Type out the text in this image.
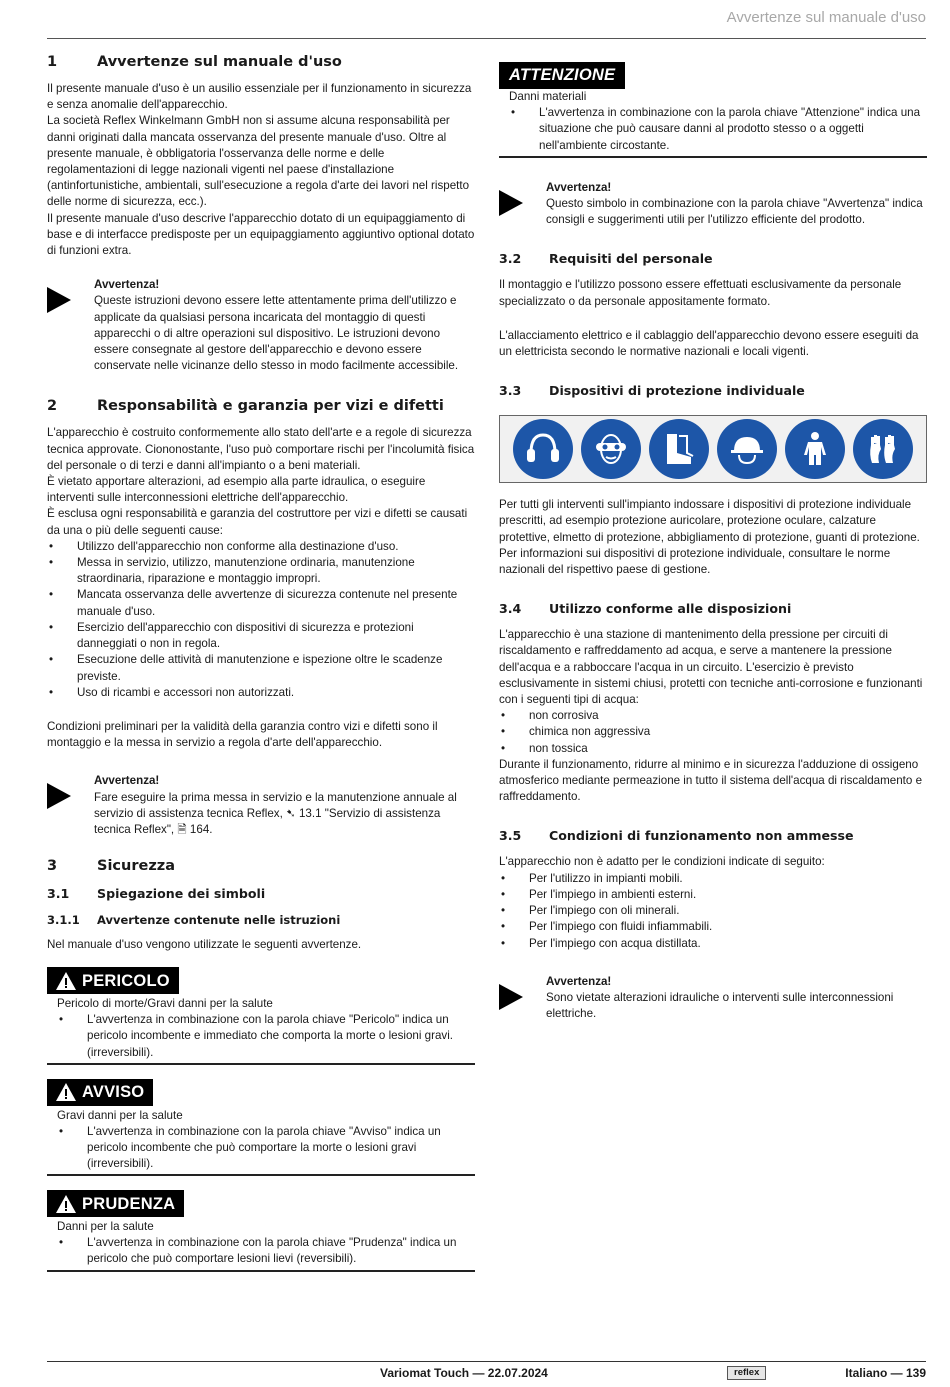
Avvertenze sul manuale d'uso
1	Avvertenze sul manuale d'uso

Il presente manuale d'uso è un ausilio essenziale per il funzionamento in sicurezza e senza anomalie dell'apparecchio.

La società Reflex Winkelmann GmbH non si assume alcuna responsabilità per danni originati dalla mancata osservanza del presente manuale d'uso. Oltre al presente manuale, è obbligatoria l'osservanza delle norme e delle regolamentazioni di legge nazionali vigenti nel paese d'installazione (antinfortunistiche, ambientali, sull'esecuzione a regola d'arte dei lavori nel rispetto delle norme di sicurezza, ecc.).

Il presente manuale d'uso descrive l'apparecchio dotato di un equipaggiamento di base e di interfacce predisposte per un equipaggiamento aggiuntivo optional dotato di funzioni extra.

Avvertenza!
Queste istruzioni devono essere lette attentamente prima dell'utilizzo e applicate da qualsiasi persona incaricata del montaggio di questi apparecchi o di altre operazioni sul dispositivo. Le istruzioni devono essere consegnate al gestore dell'apparecchio e devono essere conservate nelle vicinanze dello stesso in modo facilmente accessibile.
2	Responsabilità e garanzia per vizi e difetti

L'apparecchio è costruito conformemente allo stato dell'arte e a regole di sicurezza tecnica approvate. Ciononostante, l'uso può comportare rischi per l'incolumità fisica del personale o di terzi e danni all'impianto o a beni materiali.

È vietato apportare alterazioni, ad esempio alla parte idraulica, o eseguire interventi sulle interconnessioni elettriche dell'apparecchio.

È esclusa ogni responsabilità e garanzia del costruttore per vizi e difetti se causati da una o più delle seguenti cause:

• Utilizzo dell'apparecchio non conforme alla destinazione d'uso.
• Messa in servizio, utilizzo, manutenzione ordinaria, manutenzione straordinaria, riparazione e montaggio impropri.
• Mancata osservanza delle avvertenze di sicurezza contenute nel presente manuale d'uso.
• Esercizio dell'apparecchio con dispositivi di sicurezza e protezioni danneggiati o non in regola.
• Esecuzione delle attività di manutenzione e ispezione oltre le scadenze previste.
• Uso di ricambi e accessori non autorizzati.

Condizioni preliminari per la validità della garanzia contro vizi e difetti sono il montaggio e la messa in servizio a regola d'arte dell'apparecchio.

Avvertenza!
Fare eseguire la prima messa in servizio e la manutenzione annuale al servizio di assistenza tecnica Reflex, ➷ 13.1 "Servizio di assistenza tecnica Reflex", 🗎 164.
3	Sicurezza
3.1	Spiegazione dei simboli
3.1.1	Avvertenze contenute nelle istruzioni

Nel manuale d'uso vengono utilizzate le seguenti avvertenze.

PERICOLO

Pericolo di morte/Gravi danni per la salute

• L'avvertenza in combinazione con la parola chiave "Pericolo" indica un pericolo incombente e immediato che comporta la morte o lesioni gravi.(irreversibili).
AVVISO

Gravi danni per la salute

• L'avvertenza in combinazione con la parola chiave "Avviso" indica un pericolo incombente che può comportare la morte o lesioni gravi (irreversibili).
PRUDENZA

Danni per la salute

• L'avvertenza in combinazione con la parola chiave "Prudenza" indica un pericolo che può comportare lesioni lievi (reversibili).
ATTENZIONE

Danni materiali

• L'avvertenza in combinazione con la parola chiave "Attenzione" indica una situazione che può causare danni al prodotto stesso o a oggetti nell'ambiente circostante.
Avvertenza!
Questo simbolo in combinazione con la parola chiave "Avvertenza" indica consigli e suggerimenti utili per l'utilizzo efficiente del prodotto.
3.2	Requisiti del personale

Il montaggio e l'utilizzo possono essere effettuati esclusivamente da personale specializzato o da personale appositamente formato.

L'allacciamento elettrico e il cablaggio dell'apparecchio devono essere eseguiti da un elettricista secondo le normative nazionali e locali vigenti.

3.3	Dispositivi di protezione individuale

Per tutti gli interventi sull'impianto indossare i dispositivi di protezione individuale prescritti, ad esempio protezione auricolare, protezione oculare, calzature protettive, elmetto di protezione, abbigliamento di protezione, guanti di protezione.

Per informazioni sui dispositivi di protezione individuale, consultare le norme nazionali del rispettivo paese di gestione.

3.4	Utilizzo conforme alle disposizioni

L'apparecchio è una stazione di mantenimento della pressione per circuiti di riscaldamento e raffreddamento ad acqua, e serve a mantenere la pressione dell'acqua e a rabboccare l'acqua in un circuito. L'esercizio è previsto esclusivamente in sistemi chiusi, protetti con tecniche anti-corrosione e funzionanti con i seguenti tipi di acqua:

• non corrosiva
• chimica non aggressiva
• non tossica

Durante il funzionamento, ridurre al minimo e in sicurezza l'adduzione di ossigeno atmosferico mediante permeazione in tutto il sistema dell'acqua di riscaldamento e raffreddamento.

3.5	Condizioni di funzionamento non ammesse

L'apparecchio non è adatto per le condizioni indicate di seguito:

• Per l'utilizzo in impianti mobili.
• Per l'impiego in ambienti esterni.
• Per l'impiego con oli minerali.
• Per l'impiego con fluidi infiammabili.
• Per l'impiego con acqua distillata.
Avvertenza!
Sono vietate alterazioni idrauliche o interventi sulle interconnessioni elettriche.
Variomat Touch — 22.07.2024	reflex	Italiano — 139
